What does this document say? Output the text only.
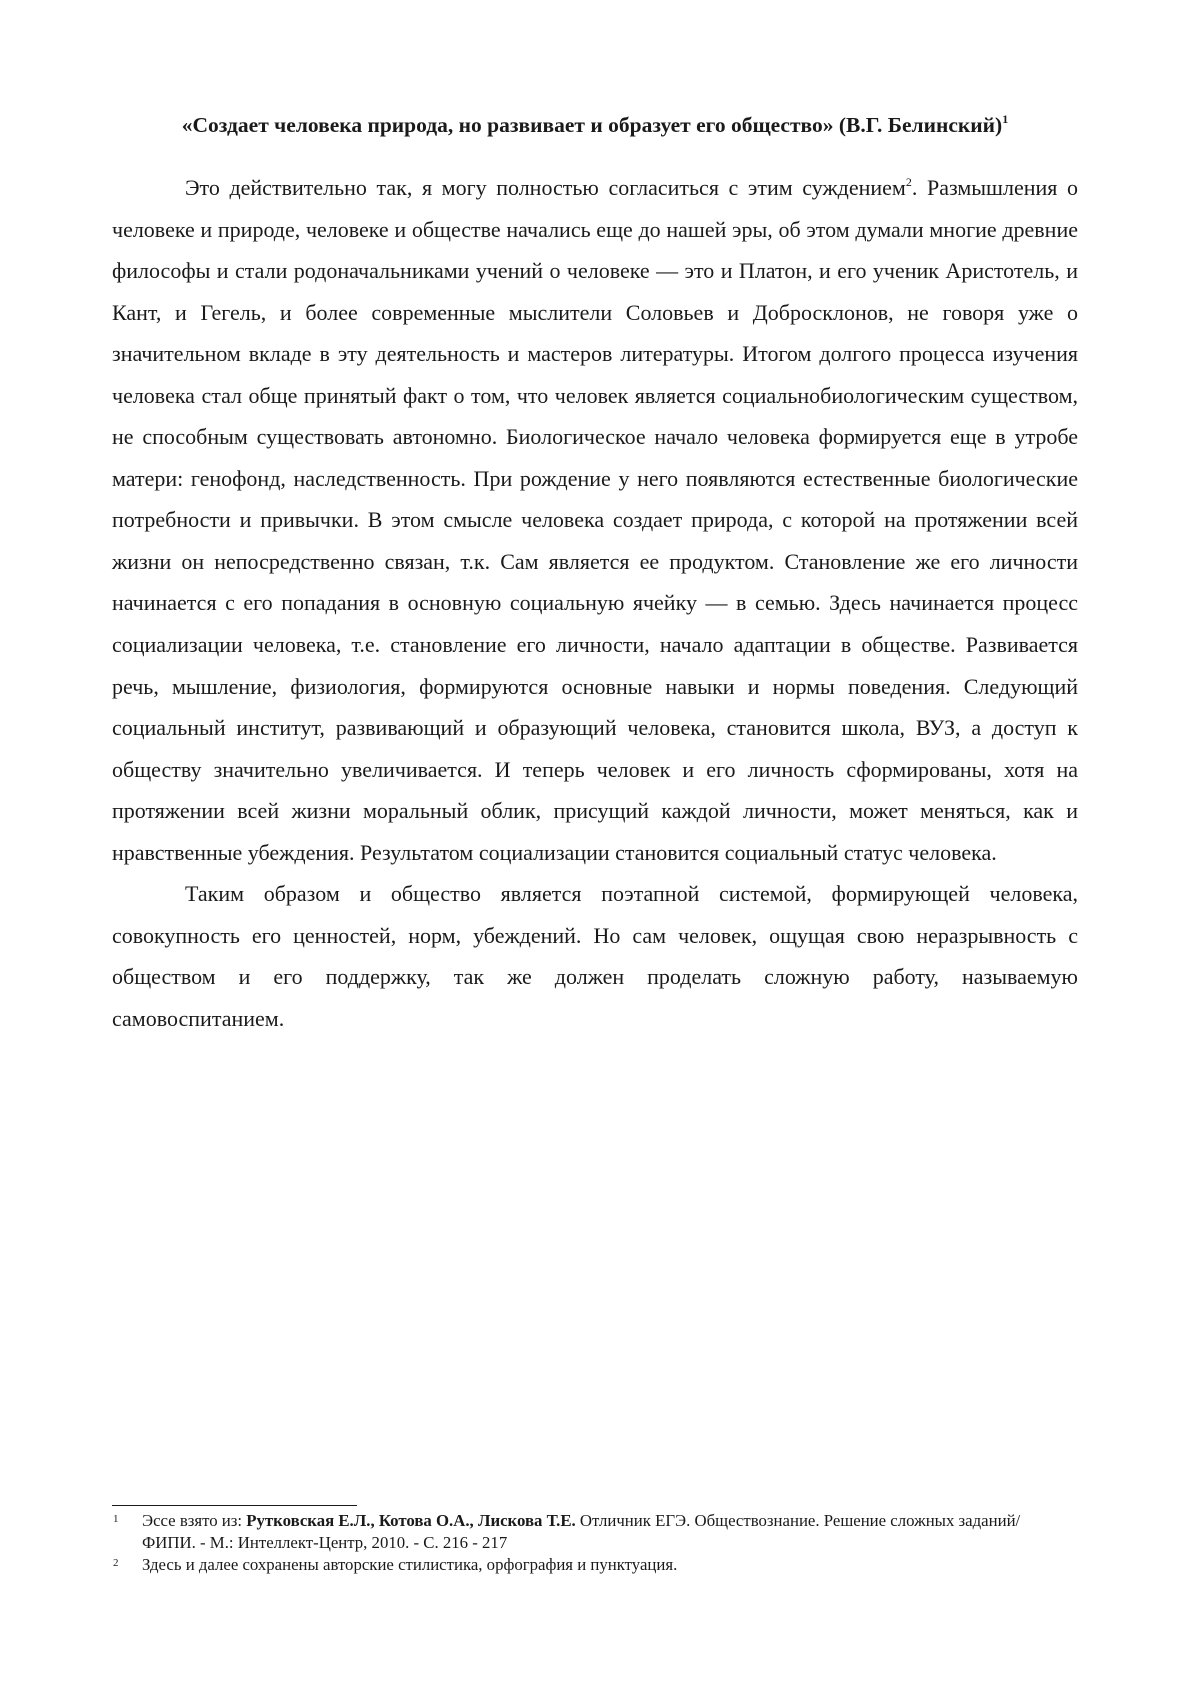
«Создает человека природа, но развивает и образует его общество» (В.Г. Белинский)$^1$

Это действительно так, я могу полностью согласиться с этим суждением$^2$. Размышления о человеке и природе, человеке и обществе начались еще до нашей эры, об этом думали многие древние философы и стали родоначальниками учений о человеке — это и Платон, и его ученик Аристотель, и Кант, и Гегель, и более современные мыслители Соловьев и Добросклонов, не говоря уже о значительном вкладе в эту деятельность и мастеров литературы. Итогом долгого процесса изучения человека стал обще принятый факт о том, что человек является социальнобиологическим существом, не способным существовать автономно. Биологическое начало человека формируется еще в утробе матери: генофонд, наследственность. При рождение у него появляются естественные биологические потребности и привычки. В этом смысле человека создает природа, с которой на протяжении всей жизни он непосредственно связан, т.к. Сам является ее продуктом. Становление же его личности начинается с его попадания в основную социальную ячейку — в семью. Здесь начинается процесс социализации человека, т.е. становление его личности, начало адаптации в обществе. Развивается речь, мышление, физиология, формируются основные навыки и нормы поведения. Следующий социальный институт, развивающий и образующий человека, становится школа, ВУЗ, а доступ к обществу значительно увеличивается. И теперь человек и его личность сформированы, хотя на протяжении всей жизни моральный облик, присущий каждой личности, может меняться, как и нравственные убеждения. Результатом социализации становится социальный статус человека.

Таким образом и общество является поэтапной системой, формирующей человека, совокупность его ценностей, норм, убеждений. Но сам человек, ощущая свою неразрывность с обществом и его поддержку, так же должен проделать сложную работу, называемую самовоспитанием.

1 Эссе взято из: Рутковская Е.Л., Котова О.А., Лискова Т.Е. Отличник ЕГЭ. Обществознание. Решение сложных заданий/ФИПИ. - М.: Интеллект-Центр, 2010. - С. 216 - 217
2 Здесь и далее сохранены авторские стилистика, орфография и пунктуация.
